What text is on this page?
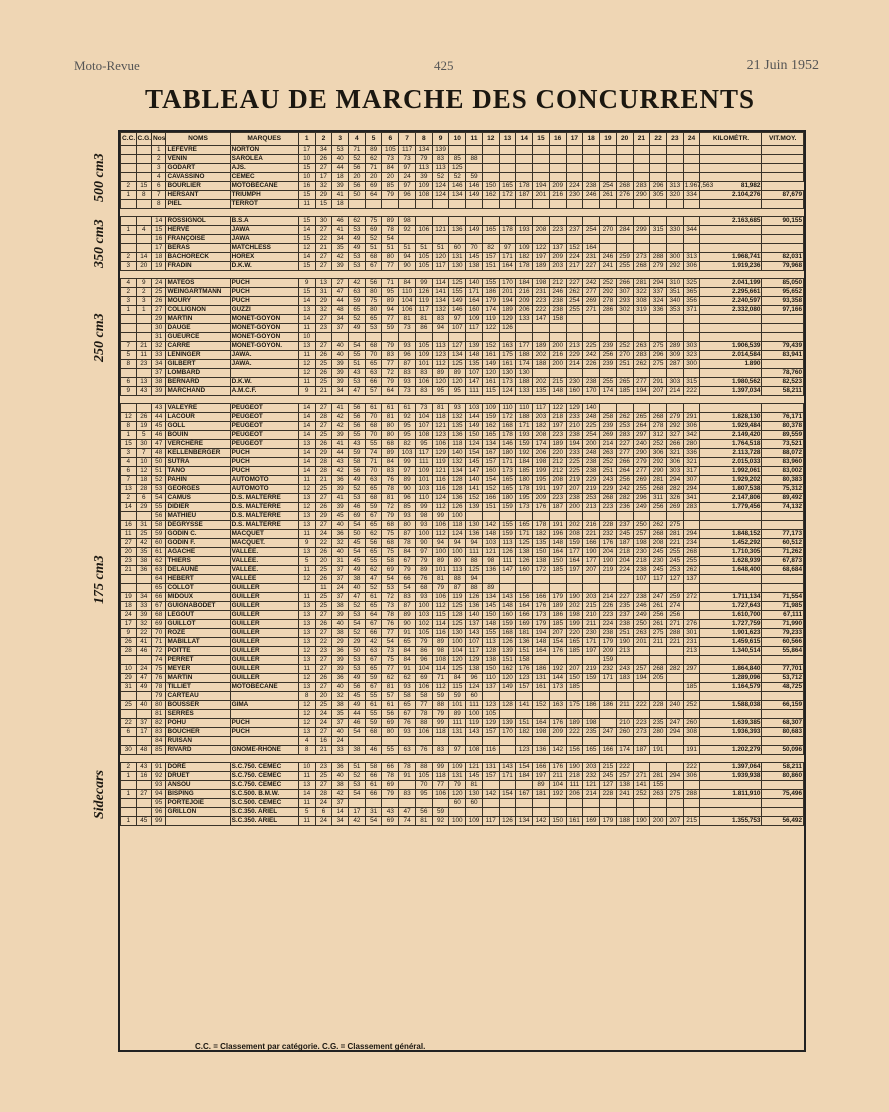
Moto-Revue	425	21 Juin 1952
TABLEAU DE MARCHE DES CONCURRENTS
C.C.	C.G.	Nos	NOMS	MARQUES	1	2	3	4	5	6	7	8	9	10	11	12	13	14	15	16	17	18	19	20	21	22	23	24	KILOMÉTR.	VIT.MOY.
		1	LEFÈVRE	NORTON	17	34	53	71	89	105	117	134	139																	
		2	VÉNIN	SAROLEA	10	26	40	52	62	73	73	79	83	85	88															
		3	GODART	AJS.	15	27	44	56	71	84	97	113	113	125																
		4	CAVASSINO	CEMEC	10	17	18	20	20	20	24	39	52	52	59															
2	15	6	BOURLIER	MOTOBÉCANE	16	32	39	56	69	85	97	109	124	146	146	150	165	178	194	209	224	238	254	268	283	296	313	1.967,563	81,982	
1	8	7	HERSANT	TRIUMPH	15	29	41	50	64	79	96	108	124	134	149	162	172	187	201	216	230	246	261	276	290	305	320	334	2.104,276	87,679
		8	PIEL	TERROT	11	15	18																							

		14	ROSSIGNOL	B.S.A	15	30	46	62	75	89	98																		2.163,685	90,155
1	4	15	HERVÉ	JAWA	14	27	41	53	69	78	92	106	121	136	149	165	178	193	208	223	237	254	270	284	299	315	330	344		
		16	FRANÇOISE	JAWA	15	22	34	49	52	54																				
		17	BERAS	MATCHLESS	12	21	35	49	51	51	51	51	51	60	70	82	97	109	122	137	152	164								
2	14	18	BACHORECK	HOREX	14	27	42	53	68	80	94	105	120	131	145	157	171	182	197	209	224	231	246	259	273	288	300	313	1.968,741	82,031
3	20	19	FRADIN	D.K.W.	15	27	39	53	67	77	90	105	117	130	138	151	164	178	189	203	217	227	241	255	268	279	292	306	1.919,236	79,968

4	9	24	MATEOS	PUCH	9	13	27	42	56	71	84	99	114	125	140	155	170	184	198	212	227	242	252	266	281	294	310	325	2.041,199	85,050
2	2	25	WEINGARTMANN	PUCH	15	31	47	63	80	95	110	126	141	155	171	186	201	216	231	246	262	277	292	307	322	337	351	365	2.295,661	95,652
3	3	26	MOURY	PUCH	14	29	44	59	75	89	104	119	134	149	164	179	194	209	223	238	254	269	278	293	308	324	340	356	2.240,597	93,358
1	1	27	COLLIGNON	GUZZI	13	32	48	65	80	94	106	117	132	146	160	174	189	206	222	238	255	271	286	302	319	336	353	371	2.332,080	97,166
		29	MARTIN	MONET-GOYON	14	27	34	52	65	77	81	81	83	97	109	119	129	133	147	158										
		30	DAUGE	MONET-GOYON	11	23	37	49	53	59	73	86	94	107	117	122	126													
		31	GUEURCE	MONET-GOYON	10																									
7	21	32	CARRÉ	MONET-GOYON.	13	27	40	54	68	79	93	105	113	127	139	152	163	177	189	200	213	225	239	252	263	275	289	303	1.906,539	79,439
5	11	33	LENINGER	JAWA.	11	26	40	55	70	83	96	109	123	134	148	161	175	188	202	216	229	242	256	270	283	296	309	323	2.014,584	83,941
8	23	34	GILBERT	JAWA.	12	25	39	51	65	77	87	101	112	125	135	149	161	174	188	200	214	226	239	251	262	275	287	300	1.890	
		37	LOMBARD		12	26	39	43	63	72	83	83	89	89	107	120	130	130												78,760
6	13	38	BERNARD	D.K.W.	11	25	39	53	66	79	93	106	120	120	147	161	173	188	202	215	230	238	255	265	277	291	303	315	1.980,562	82,523
9	43	39	MARCHAND	A.M.C.F.	9	21	34	47	57	64	73	83	95	95	111	115	124	133	135	148	160	170	174	185	194	207	214	222	1.397,034	58,211

		43	VALEYRE	PEUGEOT	14	27	41	56	61	61	61	73	81	93	103	109	110	110	117	122	129	140								
12	26	44	LACOUR	PEUGEOT	14	28	42	56	70	81	92	104	118	132	144	159	172	188	203	218	233	248	258	262	265	268	279	291	1.828,130	76,171
8	19	45	GOLL	PEUGEOT	14	27	42	56	68	80	95	107	121	135	149	162	168	171	182	197	210	225	239	253	264	278	292	306	1.929,484	80,378
1	5	46	BOUIN	PEUGEOT	14	25	39	55	70	80	95	108	123	136	150	165	178	193	208	223	238	254	269	283	297	312	327	342	2.149,420	89,559
15	30	47	VERCHÈRE	PEUGEOT	13	26	41	43	55	68	82	95	106	118	124	134	146	159	174	189	194	200	214	227	240	252	266	280	1.764,518	73,521
3	7	48	KELLENBERGER	PUCH	14	29	44	59	74	89	103	117	129	140	154	167	180	192	206	220	233	248	263	277	290	306	321	336	2.113,728	88,072
4	10	50	SUTRA	PUCH	14	28	43	58	71	84	99	111	119	132	145	157	171	184	198	212	225	238	252	266	279	292	306	321	2.015,033	83,960
6	12	51	TANO	PUCH	14	28	42	56	70	83	97	109	121	134	147	160	173	185	199	212	225	238	251	264	277	290	303	317	1.992,061	83,002
7	18	52	PAHIN	AUTOMOTO	11	21	36	49	63	76	89	101	116	128	140	154	165	180	195	208	219	229	243	256	269	281	294	307	1.929,202	80,383
13	28	53	GEORGES	AUTOMOTO	12	25	39	52	65	78	90	103	116	128	141	152	165	178	191	197	207	219	229	242	255	268	282	294	1.807,538	75,312
2	6	54	CAMUS	D.S. MALTERRE	13	27	41	53	68	81	96	110	124	136	152	166	180	195	209	223	238	253	268	282	296	311	326	341	2.147,806	89,492
14	29	55	DIDIER	D.S. MALTERRE	12	26	39	46	59	72	85	99	112	126	139	151	159	173	176	187	200	213	223	236	249	256	269	283	1.779,456	74,132
		56	MATHIEU	D.S. MALTERRE	13	29	45	69	67	79	93	98	99	100																
16	31	58	DEGRYSSE	D.S. MALTERRE	13	27	40	54	65	68	80	93	106	118	130	142	155	165	178	191	202	216	228	237	250	262	275			
11	25	59	GODIN C.	MACQUET	11	24	36	50	62	75	87	100	112	124	136	148	159	171	182	196	208	221	232	245	257	268	281	294	1.848,152	77,173
27	42	60	GODIN F.	MACQUET.	9	22	32	45	56	68	78	90	94	94	94	103	113	125	135	148	159	166	176	187	198	208	221	234	1.452,292	60,512
20	35	61	AGACHE	VALLÉE.	13	26	40	54	65	75	84	97	100	100	111	121	126	138	150	164	177	190	204	218	230	245	255	268	1.710,305	71,262
23	38	62	THIERS	VALLÉE.	5	20	31	45	55	58	67	79	89	80	88	98	111	126	138	150	164	177	190	204	218	230	245	255	1.628,939	67,873
21	36	63	DELAUNÉ	VALLÉE.	11	25	37	49	62	69	79	89	101	113	125	136	147	160	172	185	197	207	219	224	238	245	253	262	1.648,400	68,684
		64	HEBERT	VALLÉE	12	26	37	38	47	54	66	76	81	88	94										107	117	127	137		
		65	COLLOT	GUILLER		11	24	40	52	53	54	68	79	87	88	89														
19	34	66	MIDOUX	GUILLER	11	25	37	47	61	72	83	93	106	119	126	134	143	156	166	179	190	203	214	227	238	247	259	272	1.711,134	71,554
18	33	67	GUIGNABODET	GUILLER	13	25	38	52	65	73	87	100	112	125	136	145	148	164	176	189	202	215	226	235	246	261	274		1.727,643	71,985
24	39	68	LEGOUT	GUILLER	13	27	39	53	64	78	89	103	115	128	140	150	160	166	173	186	198	210	223	237	249	256	256		1.610,700	67,111
17	32	69	GUILLOT	GUILLER	13	26	40	54	67	76	90	102	114	125	137	148	159	169	179	185	199	211	224	238	250	261	271	276	1.727,759	71,990
9	22	70	ROZÉ	GUILLER	13	27	38	52	66	77	91	105	116	130	143	155	168	181	194	207	220	230	238	251	263	275	288	301	1.901,623	79,233
26	41	71	MABILLAT	GUILLER	13	22	29	29	42	54	65	79	89	100	107	113	126	136	148	154	165	171	179	190	201	211	221	231	1.459,615	60,566
28	46	72	POITTE	GUILLER	12	23	36	50	63	73	84	86	98	104	117	128	139	151	164	176	185	197	209	213				213	1.340,514	55,864
		74	PERRET	GUILLER	13	27	39	53	67	75	84	96	108	120	129	138	151	158					159							
10	24	75	MEYER	GUILLER	11	27	39	53	65	77	91	104	114	125	138	150	162	176	186	192	207	219	232	243	257	268	282	297	1.864,840	77,701
29	47	76	MARTIN	GUILLER	12	26	36	49	59	62	62	69	71	84	96	110	120	123	131	144	150	159	171	183	194	205			1.289,096	53,712
31	49	78	TILLIET	MOTOBÉCANE	13	27	40	56	67	81	93	106	112	115	124	137	149	157	161	173	185							185	1.164,579	48,725
		79	CARTEAU		8	20	32	45	55	57	58	58	59	59	60															
25	40	80	BOUSSER	GIMA	12	25	38	49	61	61	65	77	88	101	111	123	128	141	152	163	175	186	186	211	222	228	240	252	1.588,038	66,159
		81	SERRÉS		12	24	35	44	55	56	67	78	79	89	100	105														
22	37	82	POHU	PUCH	12	24	37	46	59	69	76	88	99	111	119	129	139	151	164	176	189	198		210	223	235	247	260	1.639,385	68,307
6	17	83	BOUCHER	PUCH	13	27	40	54	68	80	93	106	118	131	143	157	170	182	198	209	222	235	247	260	273	280	294	308	1.936,393	80,683
		84	RUISAN		4	16	24																							
30	48	85	RIVARD	GNOME-RHÔNE	8	21	33	38	46	55	63	76	83	97	108	116		123	136	142	156	165	166	174	187	191		191	1.202,279	50,096

2	43	91	DORÉ	S.C.750. CEMEC	10	23	36	51	58	66	78	88	99	109	121	131	143	154	166	176	190	203	215	222				222	1.397,064	58,211
1	16	92	DRUET	S.C.750. CEMEC	11	25	40	52	66	78	91	105	118	131	145	157	171	184	197	211	218	232	245	257	271	281	294	306	1.939,938	80,860
		93	ANSOU	S.C.750. CEMEC	13	27	38	53	61	69		70	77	79	81				89	104	111	121	127	138	141	155				
1	27	94	BISPING	S.C.500. B.M.W.	14	28	42	54	66	79	83	95	106	120	130	142	154	167	181	192	206	214	228	241	252	263	275	288	1.811,910	75,496
		95	PORTEJOIE	S.C.500. CEMEC	11	24	37							60	60															
		96	GRILLON	S.C.350. ARIEL	5	6	14	17	31	43	47	56	59																	
1	45	99		S.C.350. ARIEL	11	24	34	42	54	69	74	81	92	100	109	117	126	134	142	150	161	169	179	188	190	200	207	215	1.355,753	56,492
500 cm3
350 cm3
250 cm3
175 cm3
Sidecars
C.C. = Classement par catégorie. C.G. = Classement général.
